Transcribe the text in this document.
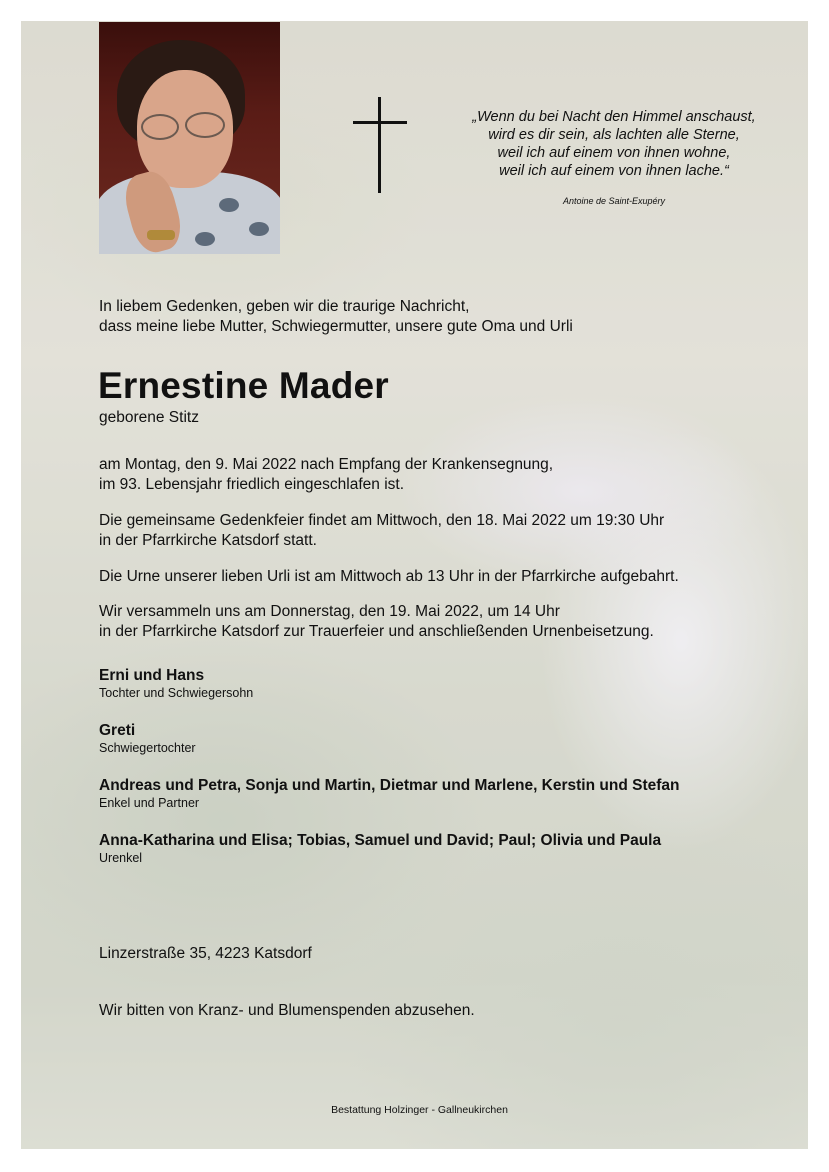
„Wenn du bei Nacht den Himmel anschaust,
wird es dir sein, als lachten alle Sterne,
weil ich auf einem von ihnen wohne,
weil ich auf einem von ihnen lache.“
Antoine de Saint-Exupéry
In liebem Gedenken, geben wir die traurige Nachricht,
dass meine liebe Mutter, Schwiegermutter, unsere gute Oma und Urli
Ernestine Mader
geborene Stitz
am Montag, den 9. Mai 2022 nach Empfang der Krankensegnung,
im 93. Lebensjahr friedlich eingeschlafen ist.
Die gemeinsame Gedenkfeier findet am Mittwoch, den 18. Mai 2022 um 19:30 Uhr
in der Pfarrkirche Katsdorf statt.
Die Urne unserer lieben Urli ist am Mittwoch ab 13 Uhr in der Pfarrkirche aufgebahrt.
Wir versammeln uns am Donnerstag, den 19. Mai 2022, um 14 Uhr
in der Pfarrkirche Katsdorf zur Trauerfeier und anschließenden Urnenbeisetzung.
Erni und Hans
Tochter und Schwiegersohn
Greti
Schwiegertochter
Andreas und Petra, Sonja und Martin, Dietmar und Marlene, Kerstin und Stefan
Enkel und Partner
Anna-Katharina und Elisa; Tobias, Samuel und David; Paul; Olivia und Paula
Urenkel
Linzerstraße 35, 4223 Katsdorf
Wir bitten von Kranz- und Blumenspenden abzusehen.
Bestattung Holzinger - Gallneukirchen
